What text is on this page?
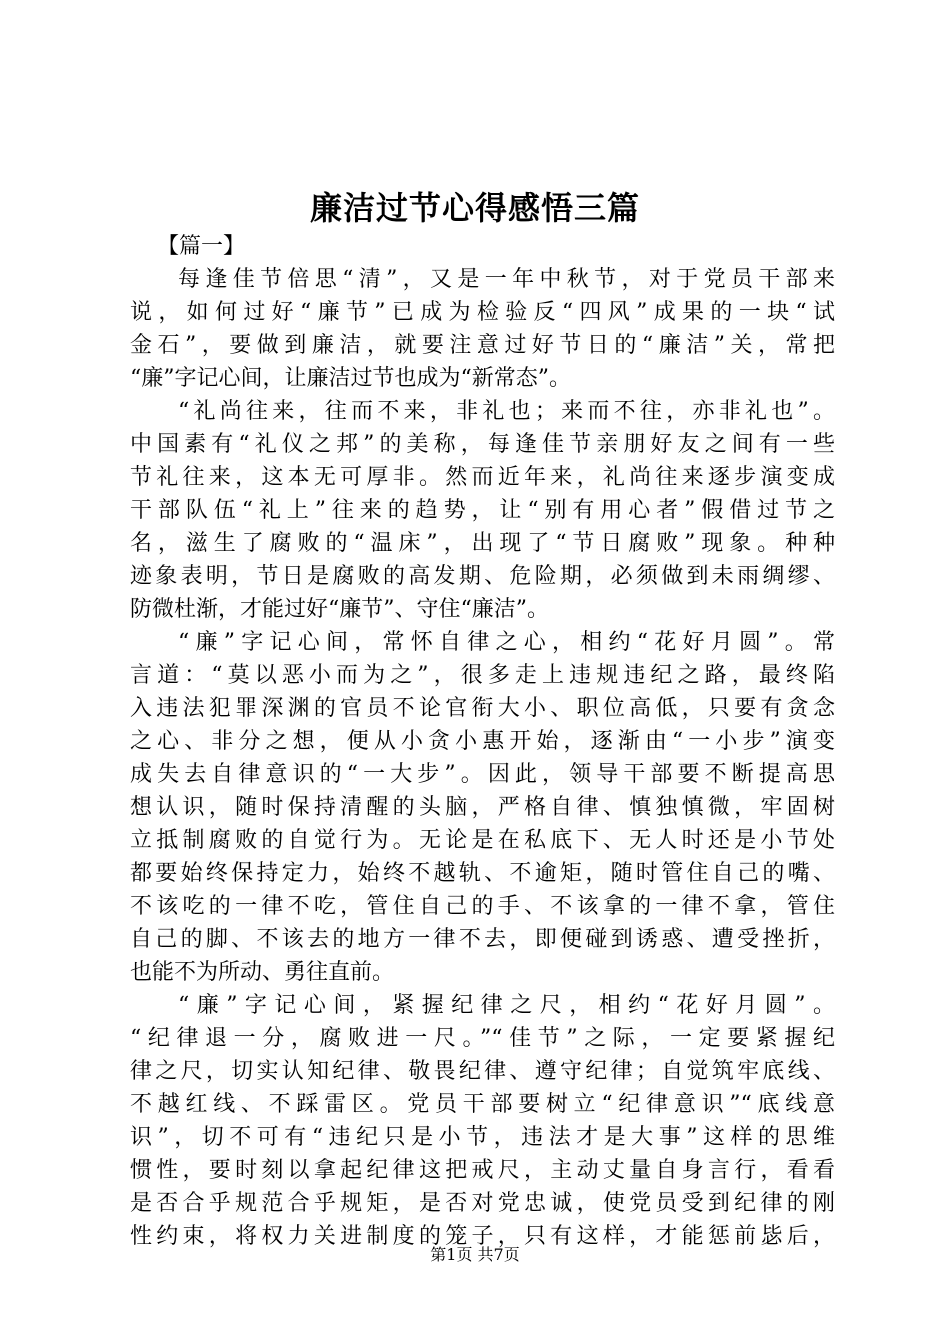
廉洁过节心得感悟三篇

【篇一】

每逢佳节倍思“清”，又是一年中秋节，对于党员干部来
说，如何过好“廉节”已成为检验反“四风”成果的一块“试
金石”，要做到廉洁，就要注意过好节日的“廉洁”关，常把
“廉”字记心间，让廉洁过节也成为“新常态”。
“礼尚往来，往而不来，非礼也；来而不往，亦非礼也”。
中国素有“礼仪之邦”的美称，每逢佳节亲朋好友之间有一些
节礼往来，这本无可厚非。然而近年来，礼尚往来逐步演变成
干部队伍“礼上”往来的趋势，让“别有用心者”假借过节之
名，滋生了腐败的“温床”，出现了“节日腐败”现象。种种
迹象表明，节日是腐败的高发期、危险期，必须做到未雨绸缪、
防微杜渐，才能过好“廉节”、守住“廉洁”。
“廉”字记心间，常怀自律之心，相约“花好月圆”。常
言道：“莫以恶小而为之”，很多走上违规违纪之路，最终陷
入违法犯罪深渊的官员不论官衔大小、职位高低，只要有贪念
之心、非分之想，便从小贪小惠开始，逐渐由“一小步”演变
成失去自律意识的“一大步”。因此，领导干部要不断提高思
想认识，随时保持清醒的头脑，严格自律、慎独慎微，牢固树
立抵制腐败的自觉行为。无论是在私底下、无人时还是小节处
都要始终保持定力，始终不越轨、不逾矩，随时管住自己的嘴、
不该吃的一律不吃，管住自己的手、不该拿的一律不拿，管住
自己的脚、不该去的地方一律不去，即便碰到诱惑、遭受挫折，
也能不为所动、勇往直前。
“廉”字记心间，紧握纪律之尺，相约“花好月圆”。
“纪律退一分，腐败进一尺。”“佳节”之际，一定要紧握纪
律之尺，切实认知纪律、敬畏纪律、遵守纪律；自觉筑牢底线、
不越红线、不踩雷区。党员干部要树立“纪律意识”“底线意
识”，切不可有“违纪只是小节，违法才是大事”这样的思维
惯性，要时刻以拿起纪律这把戒尺，主动丈量自身言行，看看
是否合乎规范合乎规矩，是否对党忠诚，使党员受到纪律的刚
性约束，将权力关进制度的笼子，只有这样，才能惩前毖后，
第1页 共7页
